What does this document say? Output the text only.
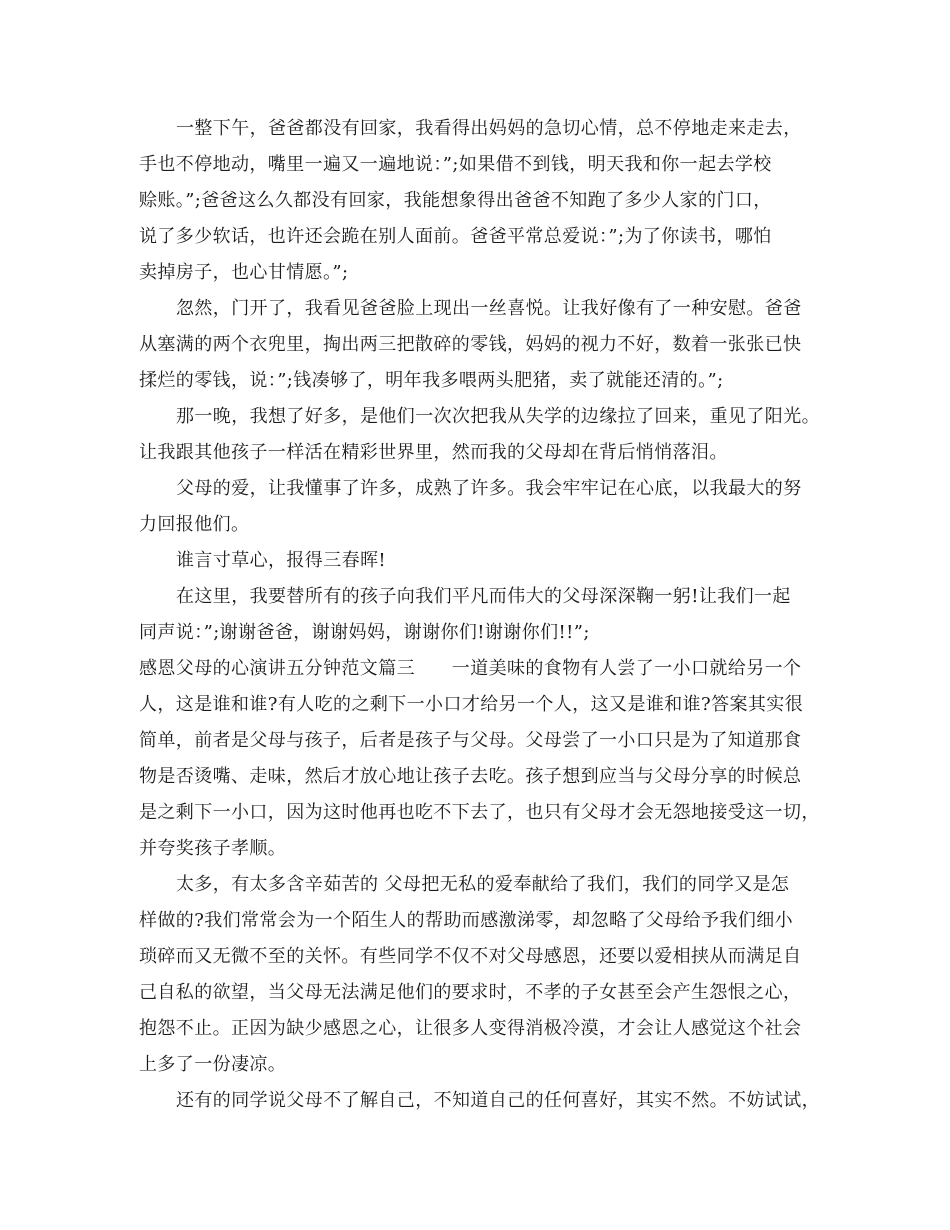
一整下午，爸爸都没有回家，我看得出妈妈的急切心情，总不停地走来走去，

手也不停地动，嘴里一遍又一遍地说：”;如果借不到钱，明天我和你一起去学校

赊账。”;爸爸这么久都没有回家，我能想象得出爸爸不知跑了多少人家的门口，

说了多少软话，也许还会跪在别人面前。爸爸平常总爱说：”;为了你读书，哪怕

卖掉房子，也心甘情愿。”;

忽然，门开了，我看见爸爸脸上现出一丝喜悦。让我好像有了一种安慰。爸爸

从塞满的两个衣兜里，掏出两三把散碎的零钱，妈妈的视力不好，数着一张张已快

揉烂的零钱，说：”;钱凑够了，明年我多喂两头肥猪，卖了就能还清的。”;

那一晚，我想了好多，是他们一次次把我从失学的边缘拉了回来，重见了阳光。

让我跟其他孩子一样活在精彩世界里，然而我的父母却在背后悄悄落泪。

父母的爱，让我懂事了许多，成熟了许多。我会牢牢记在心底，以我最大的努

力回报他们。

谁言寸草心，报得三春晖!

在这里，我要替所有的孩子向我们平凡而伟大的父母深深鞠一躬!让我们一起

同声说：”;谢谢爸爸，谢谢妈妈，谢谢你们!谢谢你们!!”;

感恩父母的心演讲五分钟范文篇三　　一道美味的食物有人尝了一小口就给另一个

人，这是谁和谁?有人吃的之剩下一小口才给另一个人，这又是谁和谁?答案其实很

简单，前者是父母与孩子，后者是孩子与父母。父母尝了一小口只是为了知道那食

物是否烫嘴、走味，然后才放心地让孩子去吃。孩子想到应当与父母分享的时候总

是之剩下一小口，因为这时他再也吃不下去了，也只有父母才会无怨地接受这一切，

并夸奖孩子孝顺。

太多，有太多含辛茹苦的 父母把无私的爱奉献给了我们，我们的同学又是怎

样做的?我们常常会为一个陌生人的帮助而感激涕零，却忽略了父母给予我们细小

琐碎而又无微不至的关怀。有些同学不仅不对父母感恩，还要以爱相挟从而满足自

己自私的欲望，当父母无法满足他们的要求时，不孝的子女甚至会产生怨恨之心，

抱怨不止。正因为缺少感恩之心，让很多人变得消极冷漠，才会让人感觉这个社会

上多了一份凄凉。

还有的同学说父母不了解自己，不知道自己的任何喜好，其实不然。不妨试试，
